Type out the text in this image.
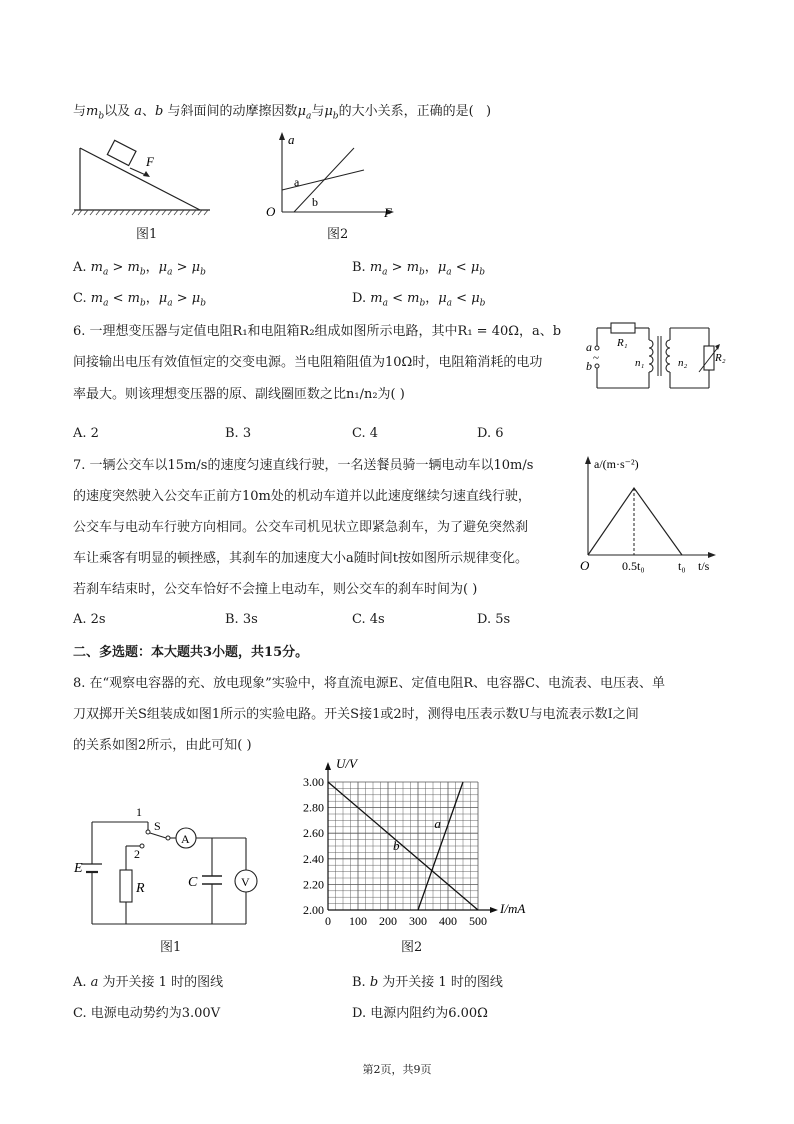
与$m_b$以及 a、b 与斜面间的动摩擦因数$\mu_a$与$\mu_b$的大小关系，正确的是(   )
F
图1
a
F
O
a
b
图2
A. $m_a > m_b$，$\mu_a > \mu_b$	B. $m_a > m_b$，$\mu_a < \mu_b$
C. $m_a < m_b$，$\mu_a > \mu_b$	D. $m_a < m_b$，$\mu_a < \mu_b$
6. 一理想变压器与定值电阻R₁和电阻箱R₂组成如图所示电路，其中R₁ = 40Ω，a、b
间接输出电压有效值恒定的交变电源。当电阻箱阻值为10Ω时，电阻箱消耗的电功
率最大。则该理想变压器的原、副线圈匝数之比n₁/n₂为( )
a
b
~
R₁
n₁	n₂	R₂
A. 2	B. 3	C. 4	D. 6
7. 一辆公交车以15m/s的速度匀速直线行驶，一名送餐员骑一辆电动车以10m/s
的速度突然驶入公交车正前方10m处的机动车道并以此速度继续匀速直线行驶，
公交车与电动车行驶方向相同。公交车司机见状立即紧急刹车，为了避免突然刹
车让乘客有明显的顿挫感，其刹车的加速度大小a随时间t按如图所示规律变化。
若刹车结束时，公交车恰好不会撞上电动车，则公交车的刹车时间为( )
a/(m·s⁻²)
O	0.5t₀	t₀ t/s
A. 2s	B. 3s	C. 4s	D. 5s
二、多选题：本大题共3小题，共15分。
8. 在“观察电容器的充、放电现象”实验中，将直流电源E、定值电阻R、电容器C、电流表、电压表、单
刀双掷开关S组装成如图1所示的实验电路。开关S接1或2时，测得电压表示数U与电流表示数I之间
的关系如图2所示，由此可知( )
E
1
S
A
2
R	C	V
图1
0 100 200 300 400 500
2.00
2.20
2.40
2.60
2.80
3.00
U/V
I/mA
b
a
图2
A. a 为开关接 1 时的图线	B. b 为开关接 1 时的图线
C. 电源电动势约为3.00V	D. 电源内阻约为6.00Ω
第2页，共9页
